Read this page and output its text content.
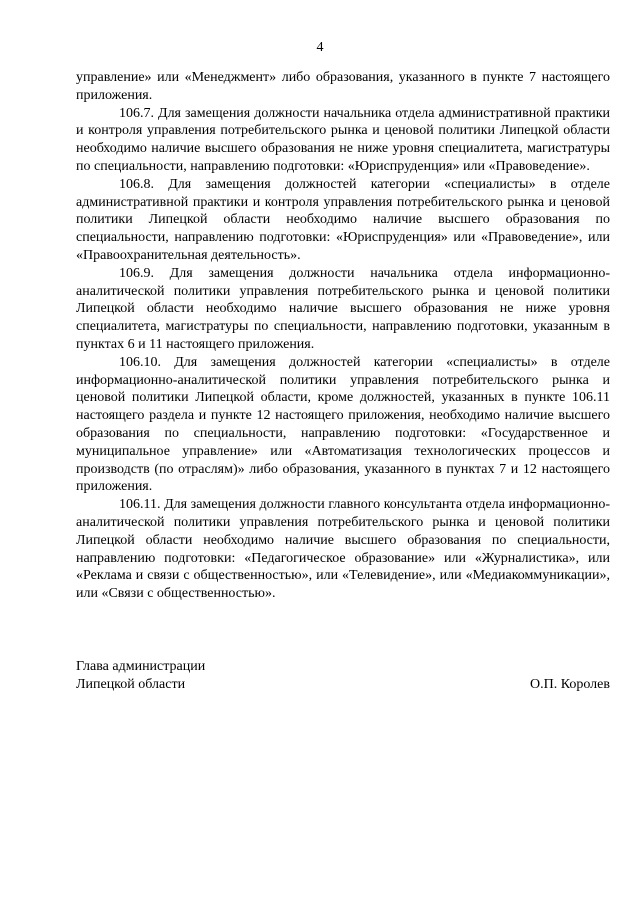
4

управление» или «Менеджмент» либо образования, указанного в пункте 7 настоящего приложения.

106.7. Для замещения должности начальника отдела административной практики и контроля управления потребительского рынка и ценовой политики Липецкой области необходимо наличие высшего образования не ниже уровня специалитета, магистратуры по специальности, направлению подготовки: «Юриспруденция» или «Правоведение».

106.8. Для замещения должностей категории «специалисты» в отделе административной практики и контроля управления потребительского рынка и ценовой политики Липецкой области необходимо наличие высшего образования по специальности, направлению подготовки: «Юриспруденция» или «Правоведение», или «Правоохранительная деятельность».

106.9. Для замещения должности начальника отдела информационно-аналитической политики управления потребительского рынка и ценовой политики Липецкой области необходимо наличие высшего образования не ниже уровня специалитета, магистратуры по специальности, направлению подготовки, указанным в пунктах 6 и 11 настоящего приложения.

106.10. Для замещения должностей категории «специалисты» в отделе информационно-аналитической политики управления потребительского рынка и ценовой политики Липецкой области, кроме должностей, указанных в пункте 106.11 настоящего раздела и пункте 12 настоящего приложения, необходимо наличие высшего образования по специальности, направлению подготовки: «Государственное и муниципальное управление» или «Автоматизация технологических процессов и производств (по отраслям)» либо образования, указанного в пунктах 7 и 12 настоящего приложения.

106.11. Для замещения должности главного консультанта отдела информационно-аналитической политики управления потребительского рынка и ценовой политики Липецкой области необходимо наличие высшего образования по специальности, направлению подготовки: «Педагогическое образование» или «Журналистика», или «Реклама и связи с общественностью», или «Телевидение», или «Медиакоммуникации», или «Связи с общественностью».

Глава администрации
Липецкой области	О.П. Королев
